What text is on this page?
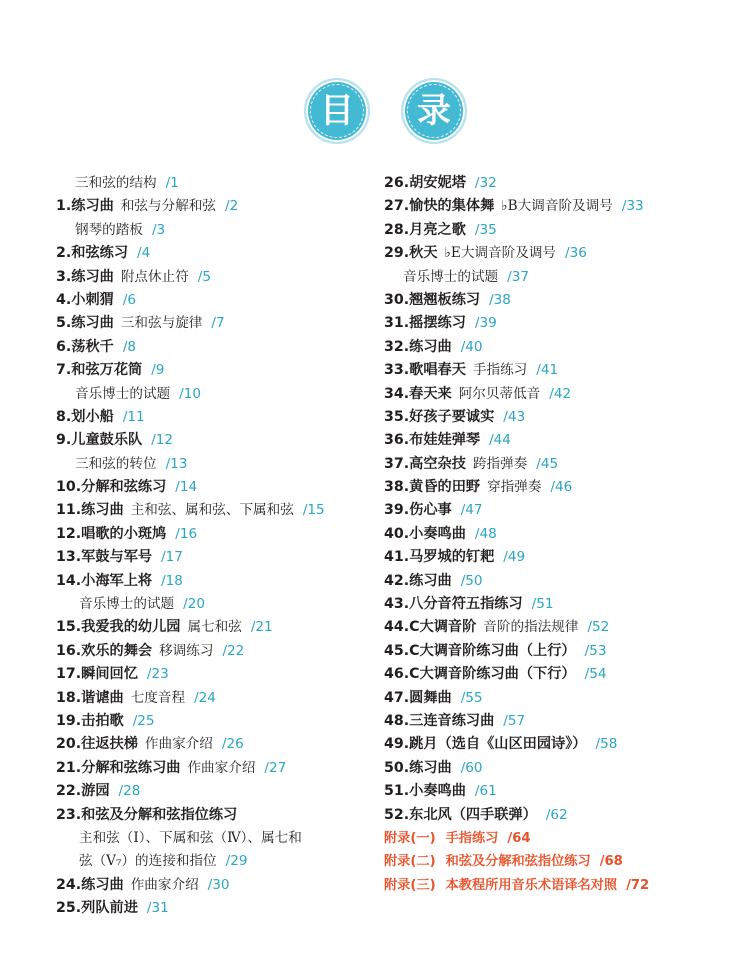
目	录
三和弦的结构 /1
1.练习曲 和弦与分解和弦 /2
钢琴的踏板 /3
2.和弦练习 /4
3.练习曲 附点休止符 /5
4.小刺猬 /6
5.练习曲 三和弦与旋律 /7
6.荡秋千 /8
7.和弦万花筒 /9
音乐博士的试题 /10
8.划小船 /11
9.儿童鼓乐队 /12
三和弦的转位 /13
10.分解和弦练习 /14
11.练习曲 主和弦、属和弦、下属和弦 /15
12.唱歌的小斑鸠 /16
13.军鼓与军号 /17
14.小海军上将 /18
音乐博士的试题 /20
15.我爱我的幼儿园 属七和弦 /21
16.欢乐的舞会 移调练习 /22
17.瞬间回忆 /23
18.谐谑曲 七度音程 /24
19.击拍歌 /25
20.往返扶梯 作曲家介绍 /26
21.分解和弦练习曲 作曲家介绍 /27
22.游园 /28
23.和弦及分解和弦指位练习
主和弦（Ⅰ）、下属和弦（Ⅳ）、属七和
弦（V₇）的连接和指位 /29
24.练习曲 作曲家介绍 /30
25.列队前进 /31
26.胡安妮塔 /32
27.愉快的集体舞 ♭B大调音阶及调号 /33
28.月亮之歌 /35
29.秋天 ♭E大调音阶及调号 /36
音乐博士的试题 /37
30.翘翘板练习 /38
31.摇摆练习 /39
32.练习曲 /40
33.歌唱春天 手指练习 /41
34.春天来 阿尔贝蒂低音 /42
35.好孩子要诚实 /43
36.布娃娃弹琴 /44
37.高空杂技 跨指弹奏 /45
38.黄昏的田野 穿指弹奏 /46
39.伤心事 /47
40.小奏鸣曲 /48
41.马罗城的钉耙 /49
42.练习曲 /50
43.八分音符五指练习 /51
44.C大调音阶 音阶的指法规律 /52
45.C大调音阶练习曲（上行） /53
46.C大调音阶练习曲（下行） /54
47.圆舞曲 /55
48.三连音练习曲 /57
49.跳月（选自《山区田园诗》） /58
50.练习曲 /60
51.小奏鸣曲 /61
52.东北风（四手联弹） /62
附录(一) 手指练习 /64
附录(二) 和弦及分解和弦指位练习 /68
附录(三) 本教程所用音乐术语译名对照 /72
